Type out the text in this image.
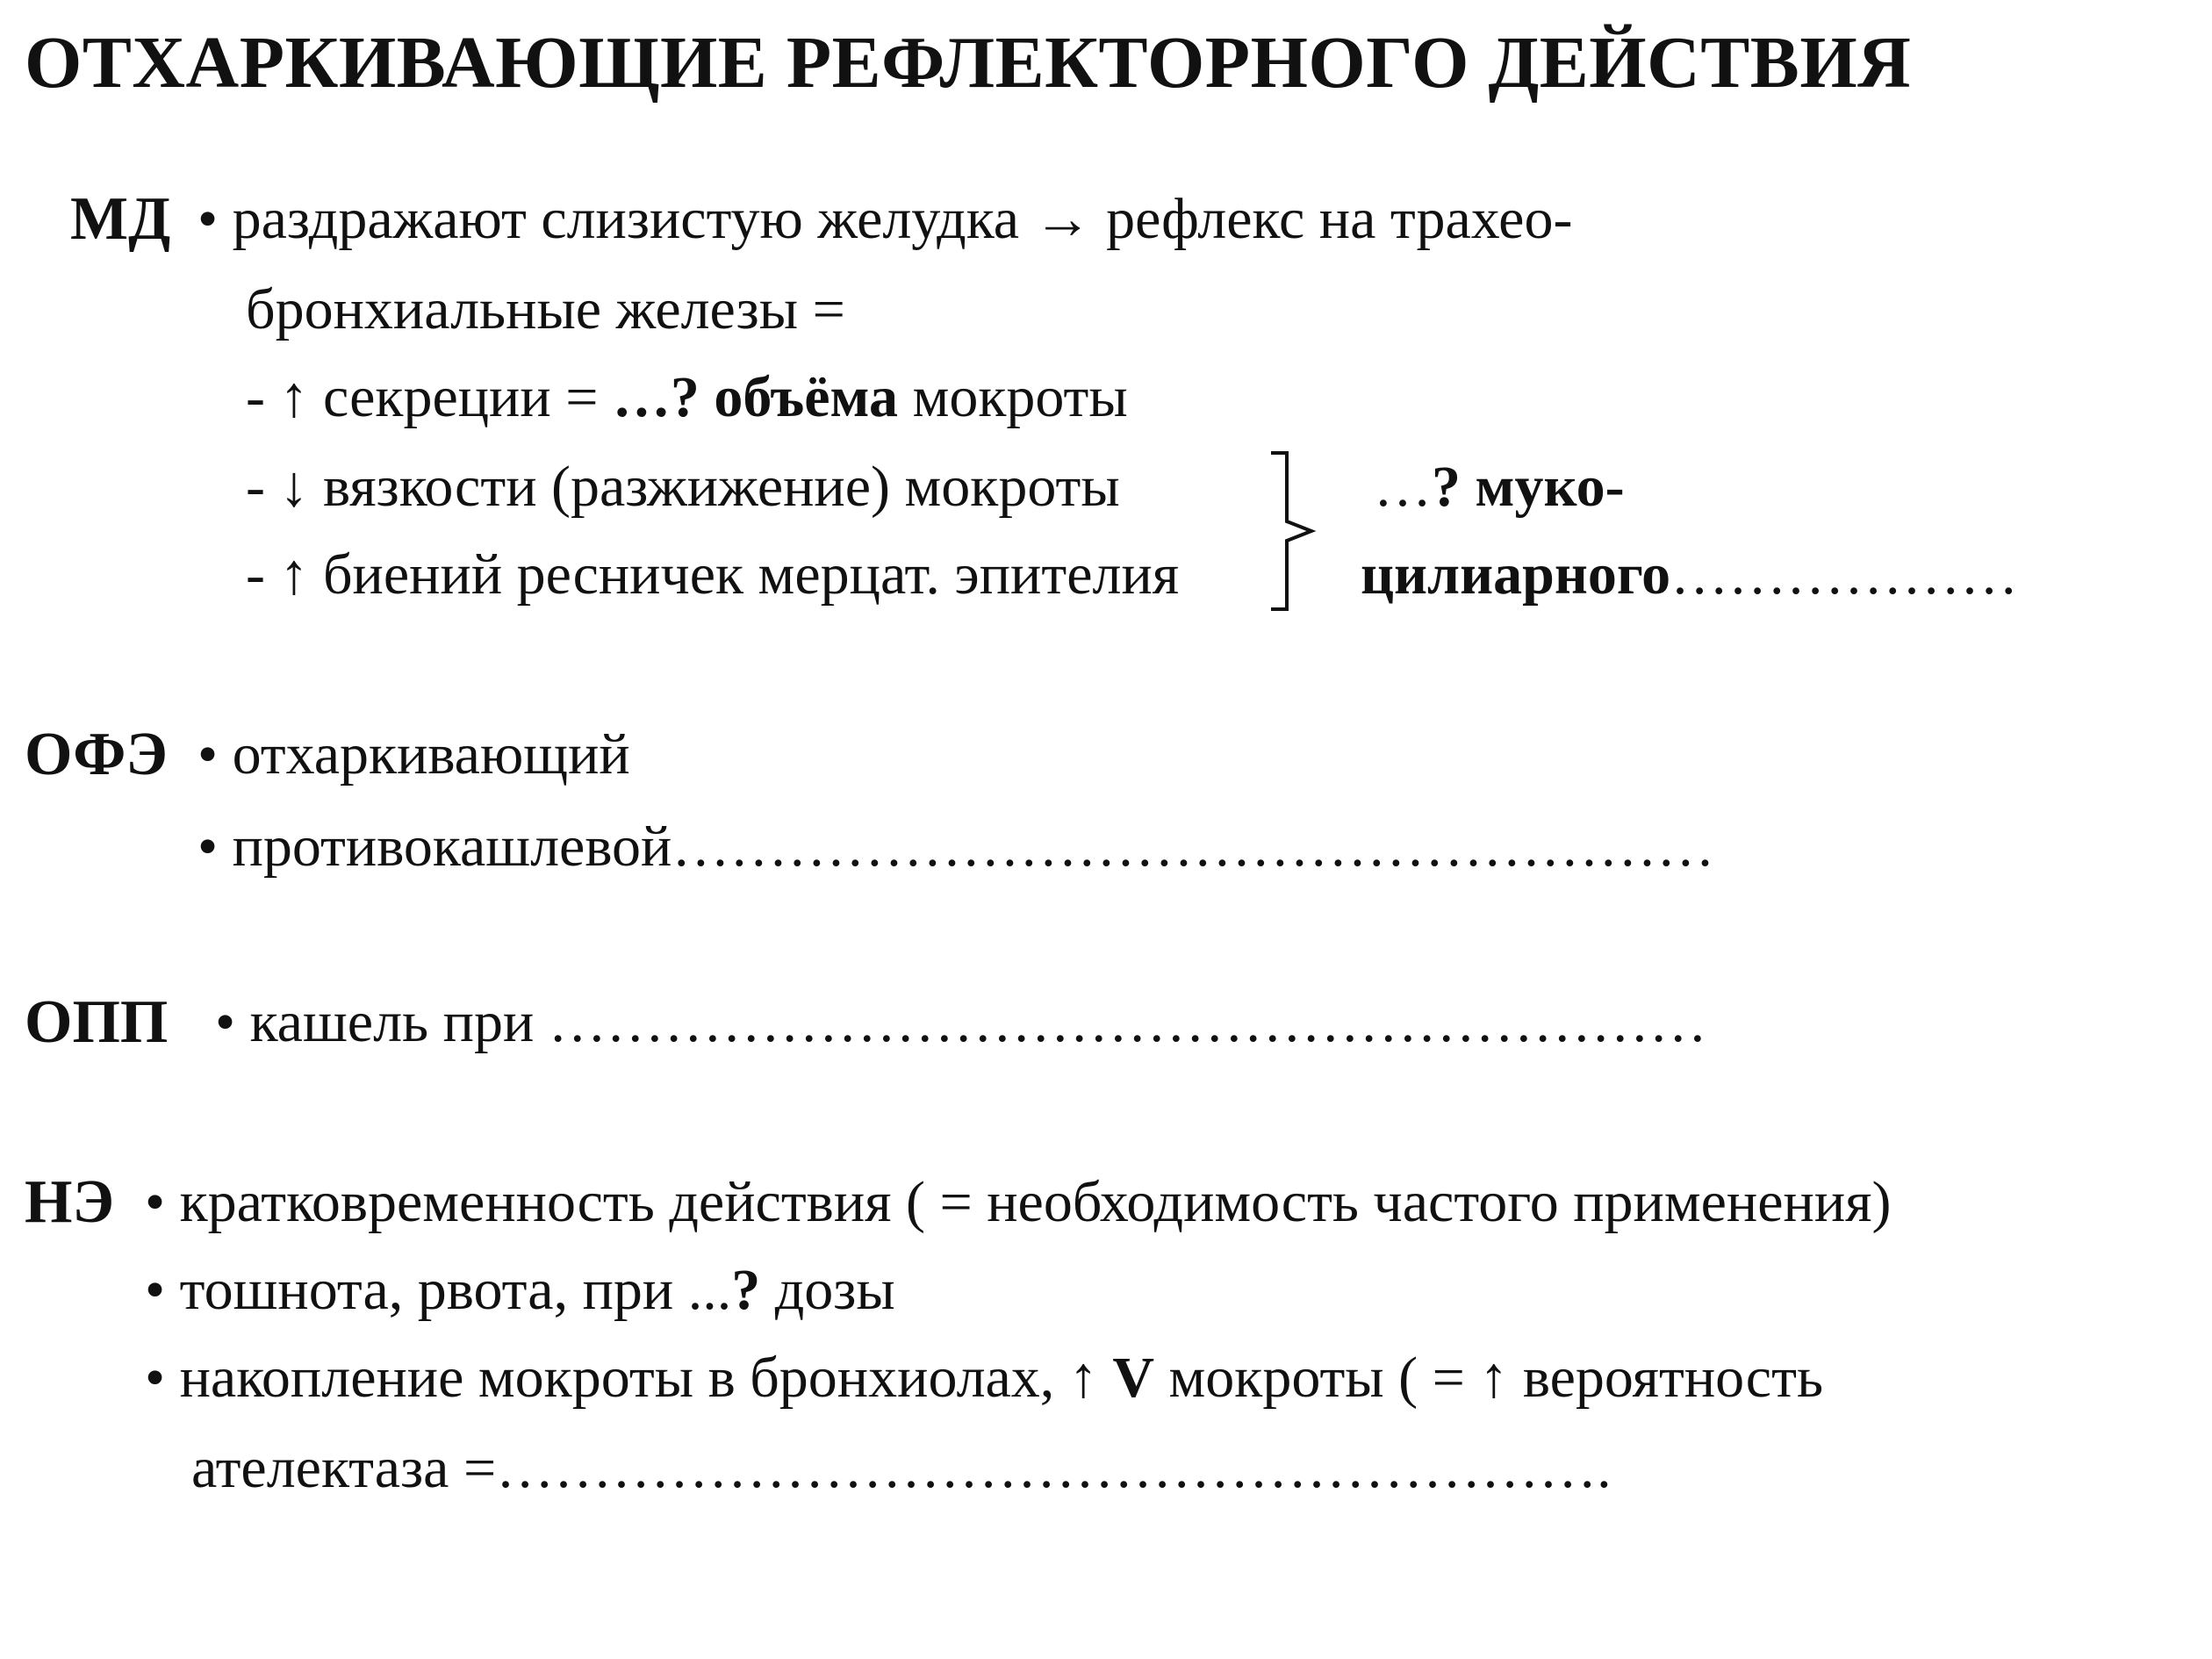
ОТХАРКИВАЮЩИЕ РЕФЛЕКТОРНОГО ДЕЙСТВИЯ
МД • раздражают слизистую желудка → рефлекс на трахео-
бронхиальные железы =
- ↑ секреции = …? объёма мокроты
- ↓ вязкости (разжижение) мокроты
- ↑ биений ресничек мерцат. эпителия
…? муко-
цилиарного………………
ОФЭ • отхаркивающий
• противокашлевой………………………………………………
ОПП • кашель при ……………………………………………………
НЭ • кратковременность действия ( = необходимость частого применения)
• тошнота, рвота, при ...? дозы
• накопление мокроты в бронхиолах, ↑ V мокроты ( = ↑ вероятность
ателектаза =………………………………………………….
